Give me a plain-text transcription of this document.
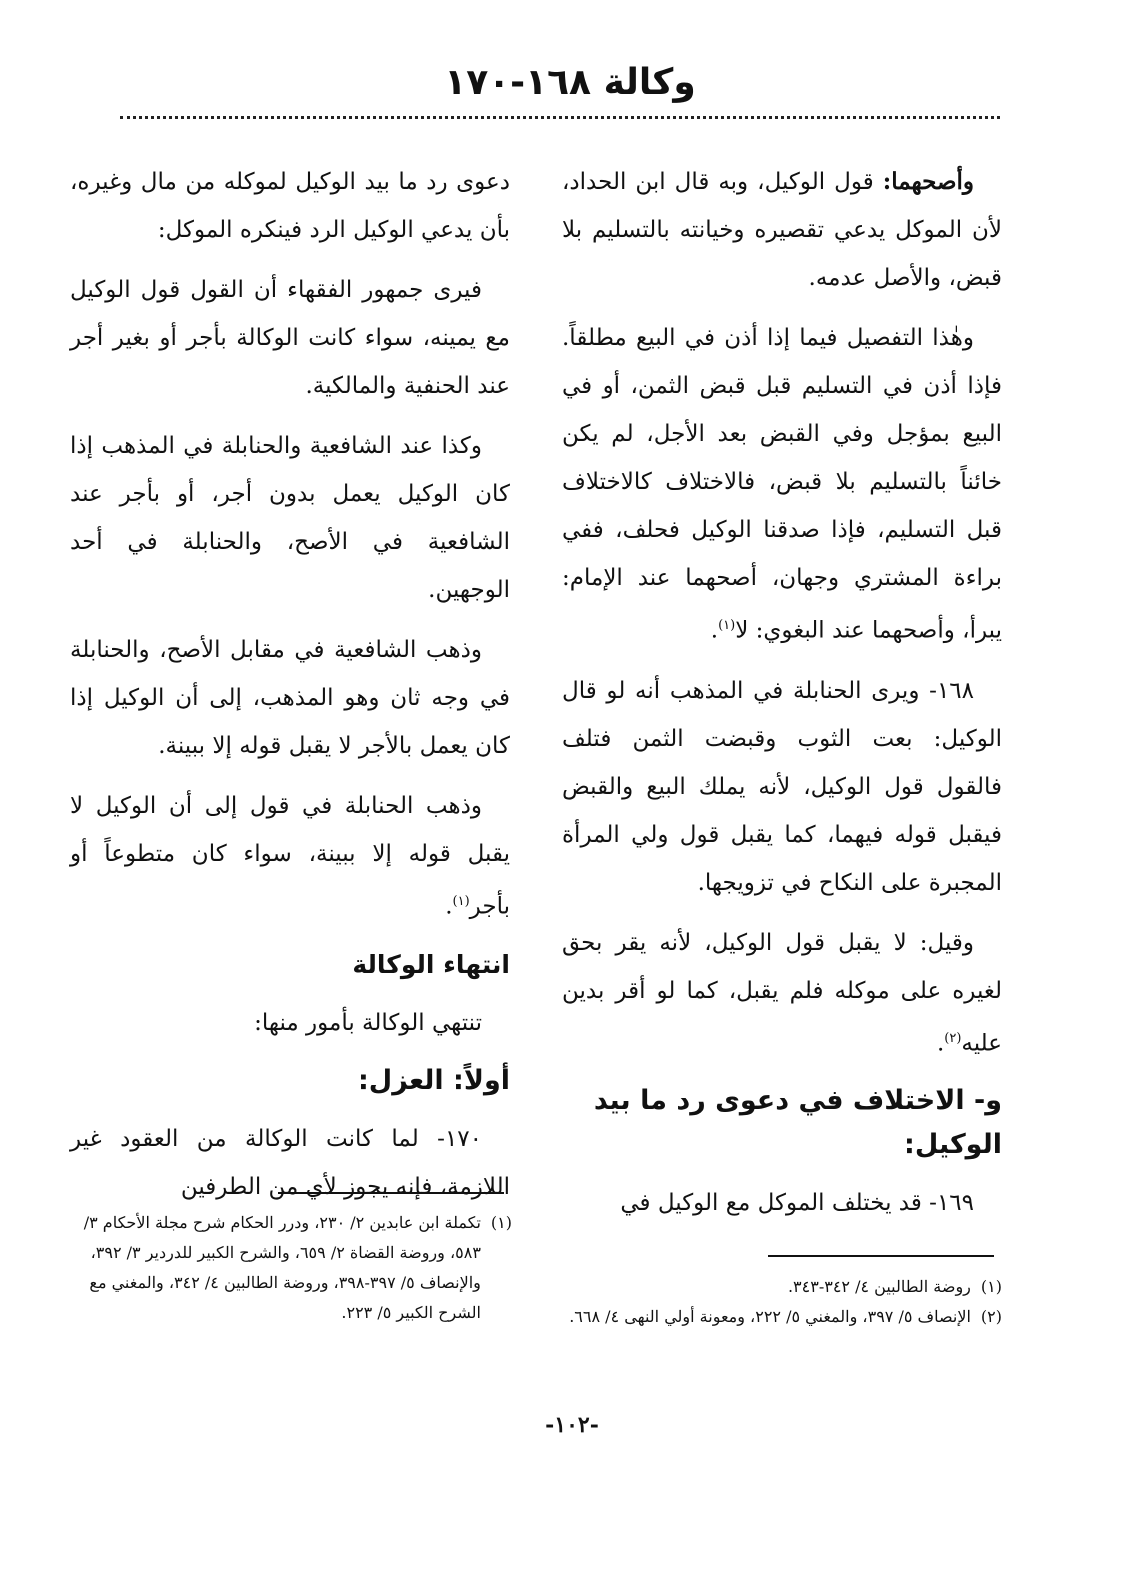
وكالة ١٦٨-١٧٠

وأصحهما: قول الوكيل، وبه قال ابن الحداد، لأن الموكل يدعي تقصيره وخيانته بالتسليم بلا قبض، والأصل عدمه.

وهٰذا التفصيل فيما إذا أذن في البيع مطلقاً. فإذا أذن في التسليم قبل قبض الثمن، أو في البيع بمؤجل وفي القبض بعد الأجل، لم يكن خائناً بالتسليم بلا قبض، فالاختلاف كالاختلاف قبل التسليم، فإذا صدقنا الوكيل فحلف، ففي براءة المشتري وجهان، أصحهما عند الإمام: يبرأ، وأصحهما عند البغوي: لا$^{(١)}$.

١٦٨- ويرى الحنابلة في المذهب أنه لو قال الوكيل: بعت الثوب وقبضت الثمن فتلف فالقول قول الوكيل، لأنه يملك البيع والقبض فيقبل قوله فيهما، كما يقبل قول ولي المرأة المجبرة على النكاح في تزويجها.

وقيل: لا يقبل قول الوكيل، لأنه يقر بحق لغيره على موكله فلم يقبل، كما لو أقر بدين عليه$^{(٢)}$.

و- الاختلاف في دعوى رد ما بيد الوكيل:

١٦٩- قد يختلف الموكل مع الوكيل في

دعوى رد ما بيد الوكيل لموكله من مال وغيره، بأن يدعي الوكيل الرد فينكره الموكل:

فيرى جمهور الفقهاء أن القول قول الوكيل مع يمينه، سواء كانت الوكالة بأجر أو بغير أجر عند الحنفية والمالكية.

وكذا عند الشافعية والحنابلة في المذهب إذا كان الوكيل يعمل بدون أجر، أو بأجر عند الشافعية في الأصح، والحنابلة في أحد الوجهين.

وذهب الشافعية في مقابل الأصح، والحنابلة في وجه ثان وهو المذهب، إلى أن الوكيل إذا كان يعمل بالأجر لا يقبل قوله إلا ببينة.

وذهب الحنابلة في قول إلى أن الوكيل لا يقبل قوله إلا ببينة، سواء كان متطوعاً أو بأجر$^{(١)}$.

انتهاء الوكالة

تنتهي الوكالة بأمور منها:

أولاً: العزل:

١٧٠- لما كانت الوكالة من العقود غير اللازمة، فإنه يجوز لأي من الطرفين

(١)
تكملة ابن عابدين ٢/ ٢٣٠، ودرر الحكام شرح مجلة الأحكام ٣/ ٥٨٣، وروضة القضاة ٢/ ٦٥٩، والشرح الكبير للدردير ٣/ ٣٩٢، والإنصاف ٥/ ٣٩٧-٣٩٨، وروضة الطالبين ٤/ ٣٤٢، والمغني مع الشرح الكبير ٥/ ٢٢٣.
(١)
روضة الطالبين ٤/ ٣٤٢-٣٤٣.
(٢)
الإنصاف ٥/ ٣٩٧، والمغني ٥/ ٢٢٢، ومعونة أولي النهى ٤/ ٦٦٨.
-١٠٢-
